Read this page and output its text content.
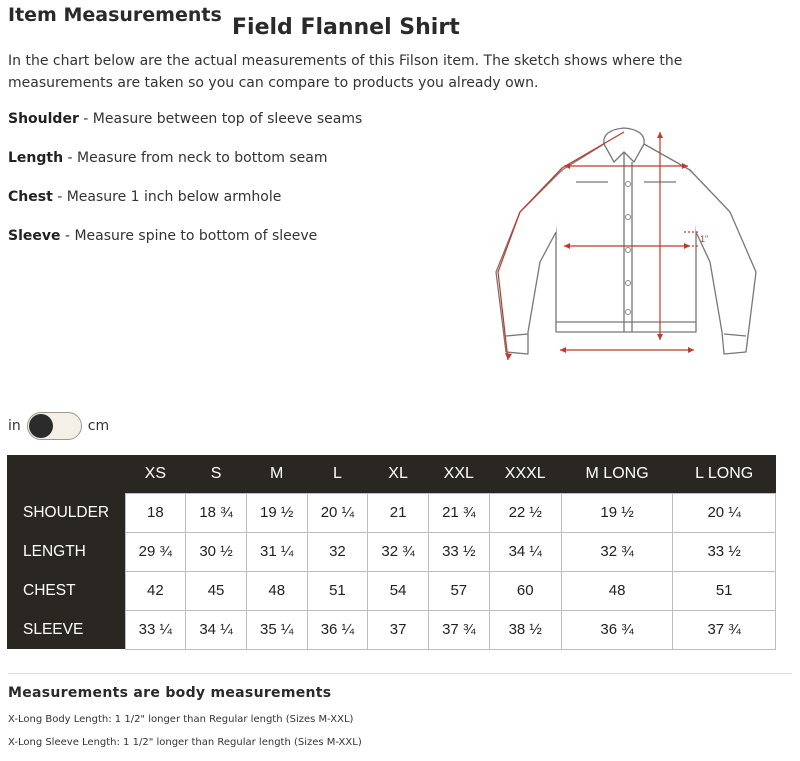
Item Measurements Field Flannel Shirt

In the chart below are the actual measurements of this Filson item. The sketch shows where the measurements are taken so you can compare to products you already own.

Shoulder - Measure between top of sleeve seams
Length - Measure from neck to bottom seam
Chest - Measure 1 inch below armhole
Sleeve - Measure spine to bottom of sleeve	1"
in	cm
	XS	S	M	L	XL	XXL	XXXL	M LONG	L LONG
SHOULDER	18	18 ¾	19 ½	20 ¼	21	21 ¾	22 ½	19 ½	20 ¼
LENGTH	29 ¾	30 ½	31 ¼	32	32 ¾	33 ½	34 ¼	32 ¾	33 ½
CHEST	42	45	48	51	54	57	60	48	51
SLEEVE	33 ¼	34 ¼	35 ¼	36 ¼	37	37 ¾	38 ½	36 ¾	37 ¾
Measurements are body measurements
X-Long Body Length: 1 1/2" longer than Regular length (Sizes M-XXL)
X-Long Sleeve Length: 1 1/2" longer than Regular length (Sizes M-XXL)
